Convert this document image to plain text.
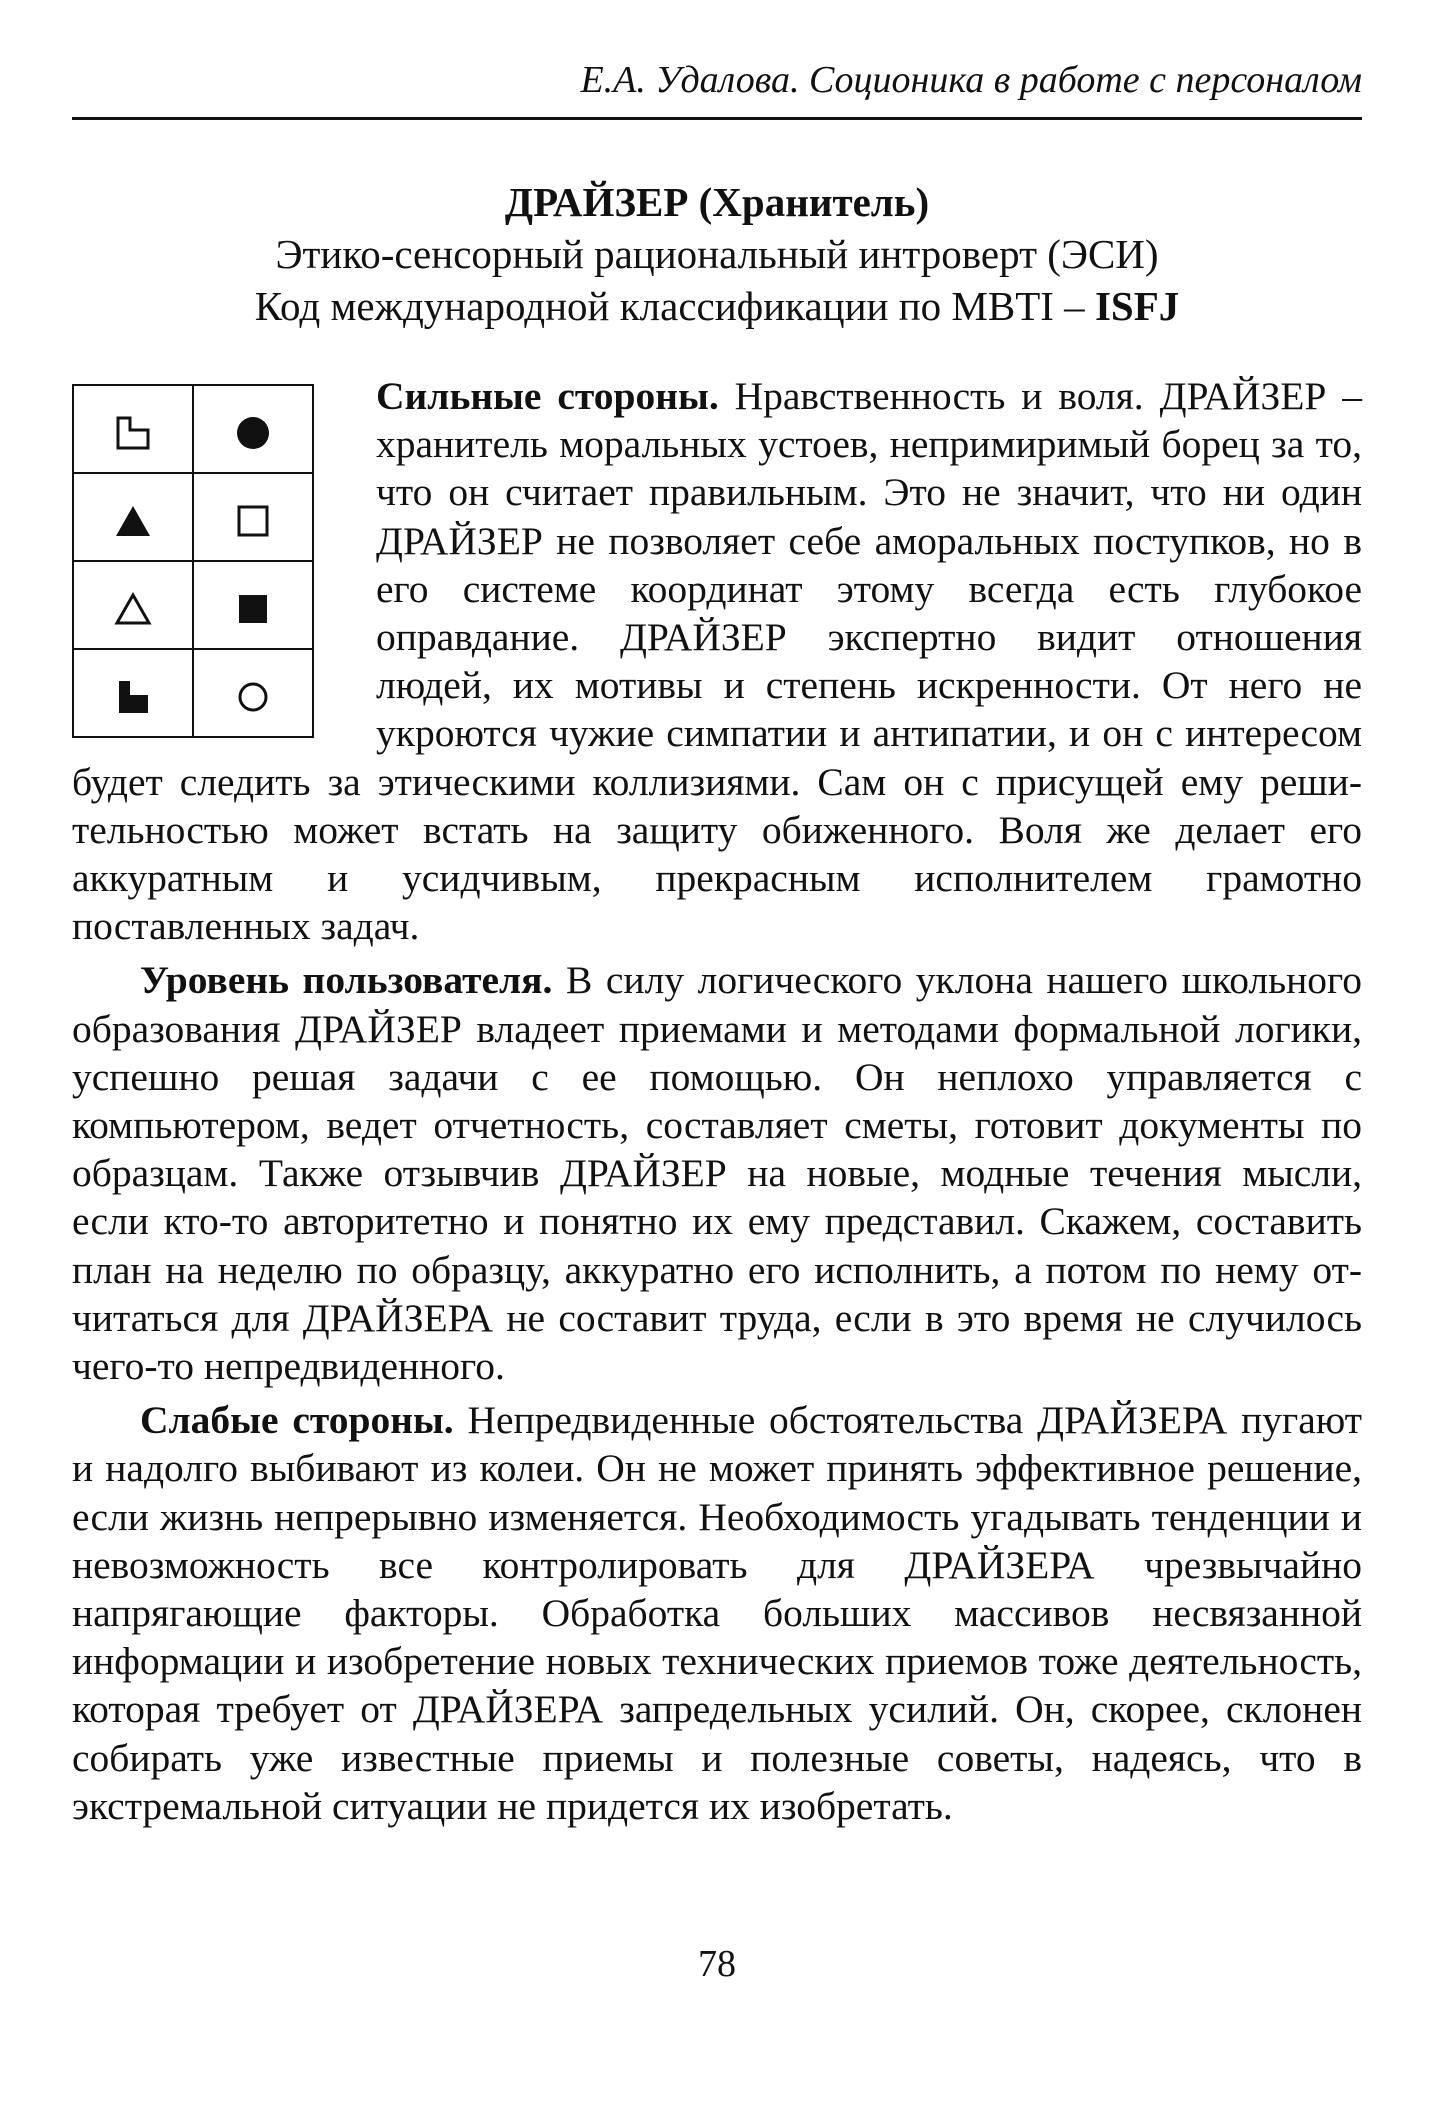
Е.А. Удалова. Соционика в работе с персоналом
ДРАЙЗЕР (Хранитель)
Этико-сенсорный рациональный интроверт (ЭСИ)
Код международной классификации по MBTI – ISFJ

Сильные стороны. Нравственность и воля. ДРАЙЗЕР – хранитель моральных устоев, непримиримый борец за то, что он считает правильным. Это не значит, что ни один ДРАЙЗЕР не позволяет себе аморальных поступков, но в его системе координат этому всегда есть глубокое оправдание. ДРАЙЗЕР экспертно видит отношения людей, их мотивы и степень искренности. От него не укроются чужие симпатии и антипатии, и он с интересом будет следить за этическими коллизиями. Сам он с присущей ему решительностью может встать на защиту обиженного. Воля же делает его аккуратным и усидчивым, прекрасным исполнителем грамотно поставленных задач.

Уровень пользователя. В силу логического уклона нашего школьного образования ДРАЙЗЕР владеет приемами и методами формальной логики, успешно решая задачи с ее помощью. Он неплохо управляется с компьютером, ведет отчетность, составляет сметы, готовит документы по образцам. Также отзывчив ДРАЙЗЕР на новые, модные течения мысли, если кто-то авторитетно и понятно их ему представил. Скажем, составить план на неделю по образцу, аккуратно его исполнить, а потом по нему отчитаться для ДРАЙЗЕРА не составит труда, если в это время не случилось чего-то непредвиденного.

Слабые стороны. Непредвиденные обстоятельства ДРАЙЗЕРА пугают и надолго выбивают из колеи. Он не может принять эффективное решение, если жизнь непрерывно изменяется. Необходимость угадывать тенденции и невозможность все контролировать для ДРАЙЗЕРА чрезвычайно напрягающие факторы. Обработка больших массивов несвязанной информации и изобретение новых технических приемов тоже деятельность, которая требует от ДРАЙЗЕРА запредельных усилий. Он, скорее, склонен собирать уже известные приемы и полезные советы, надеясь, что в экстремальной ситуации не придется их изобретать.

78
